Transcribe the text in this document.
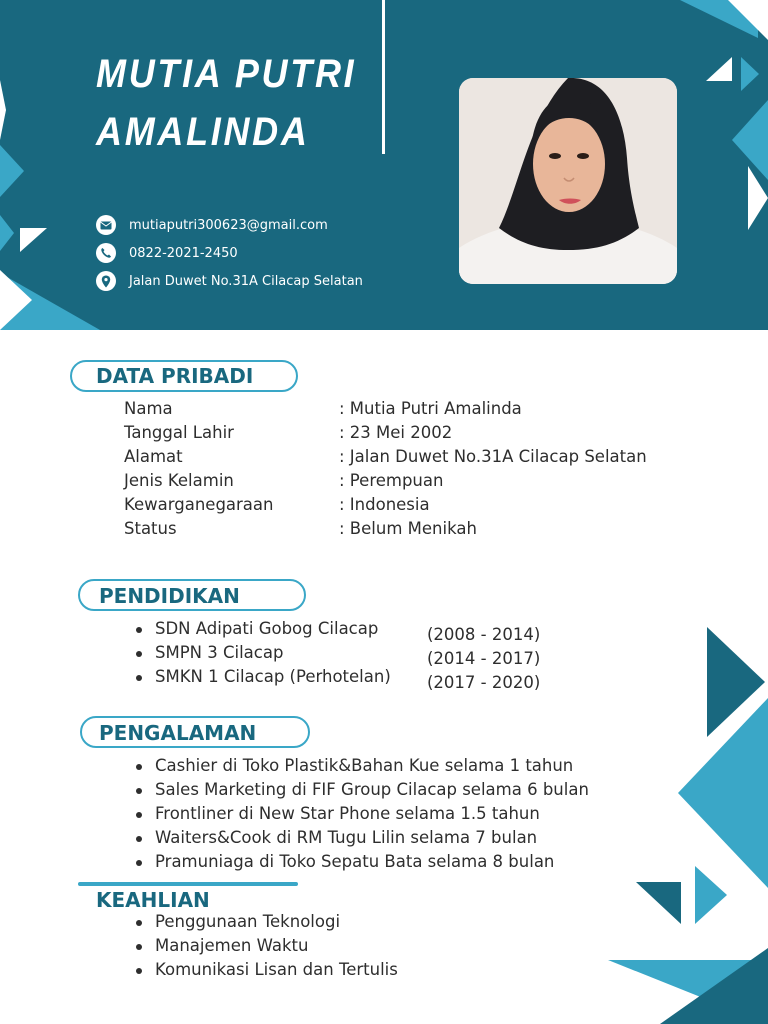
MUTIA PUTRI
AMALINDA
mutiaputri300623@gmail.com
0822-2021-2450
Jalan Duwet No.31A Cilacap Selatan
DATA PRIBADI
Nama	: Mutia Putri Amalinda
Tanggal Lahir	: 23 Mei 2002
Alamat	: Jalan Duwet No.31A Cilacap Selatan
Jenis Kelamin	: Perempuan
Kewarganegaraan	: Indonesia
Status	: Belum Menikah
PENDIDIKAN
SDN Adipati Gobog Cilacap	(2008 - 2014)
SMPN 3 Cilacap	(2014 - 2017)
SMKN 1 Cilacap (Perhotelan) (2017 - 2020)
PENGALAMAN
Cashier di Toko Plastik&Bahan Kue selama 1 tahun
Sales Marketing di FIF Group Cilacap selama 6 bulan
Frontliner di New Star Phone selama 1.5 tahun
Waiters&Cook di RM Tugu Lilin selama 7 bulan
Pramuniaga di Toko Sepatu Bata selama 8 bulan
KEAHLIAN
Penggunaan Teknologi
Manajemen Waktu
Komunikasi Lisan dan Tertulis
